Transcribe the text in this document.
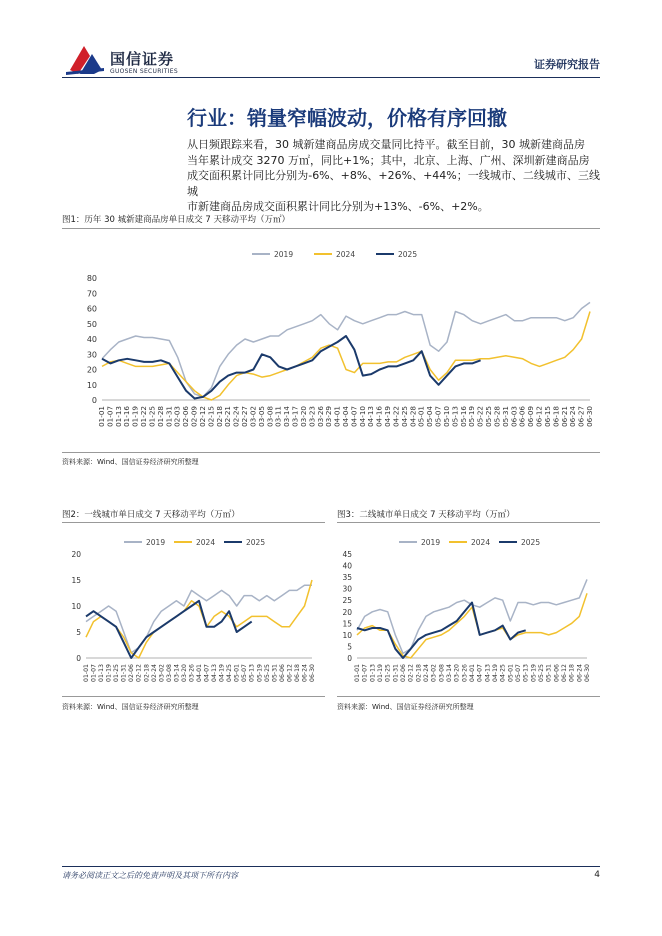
国信证券
GUOSEN SECURITIES
证券研究报告
行业：销量窄幅波动，价格有序回撤
从日频跟踪来看，30 城新建商品房成交量同比持平。截至目前，30 城新建商品房
当年累计成交 3270 万㎡，同比+1%；其中，北京、上海、广州、深圳新建商品房
成交面积累计同比分别为-6%、+8%、+26%、+44%；一线城市、二线城市、三线城
市新建商品房成交面积累计同比分别为+13%、-6%、+2%。
图1：历年 30 城新建商品房单日成交 7 天移动平均（万㎡）
2019	2024	2025
0
10
20
30
40
50
60
70
80
01-01 01-07 01-13 01-16 01-19 01-22 01-25 01-28 01-31 02-03 02-06 02-09 02-12 02-15 02-18 02-21 02-24 02-27 03-02 03-05 03-08 03-11 03-14 03-17 03-20 03-23 03-26 03-29 04-01 04-04 04-07 04-10 04-13 04-16 04-19 04-22 04-25 04-28 05-01 05-04 05-07 05-10 05-13 05-16 05-19 05-22 05-25 05-28 05-31 06-03 06-06 06-09 06-12 06-15 06-18 06-21 06-24 06-27 06-30
资料来源：Wind、国信证券经济研究所整理
图2：一线城市单日成交 7 天移动平均（万㎡）
2019	2024	2025
0
5
10
15
20
01-01 01-07 01-13 01-19 01-25 01-31 02-06 02-12 02-18 02-24 03-02 03-08 03-14 03-20 03-26 04-01 04-07 04-13 04-19 04-25 05-01 05-07 05-13 05-19 05-25 05-31 06-06 06-12 06-18 06-24 06-30
资料来源：Wind、国信证券经济研究所整理
图3：二线城市单日成交 7 天移动平均（万㎡）
2019	2024	2025
0
5
10
15
20
25
30
35
40
45
01-01 01-07 01-13 01-19 01-25 01-31 02-06 02-12 02-18 02-24 03-02 03-08 03-14 03-20 03-26 04-01 04-07 04-13 04-19 04-25 05-01 05-07 05-13 05-19 05-25 05-31 06-06 06-12 06-18 06-24 06-30
资料来源：Wind、国信证券经济研究所整理
请务必阅读正文之后的免责声明及其项下所有内容	4
